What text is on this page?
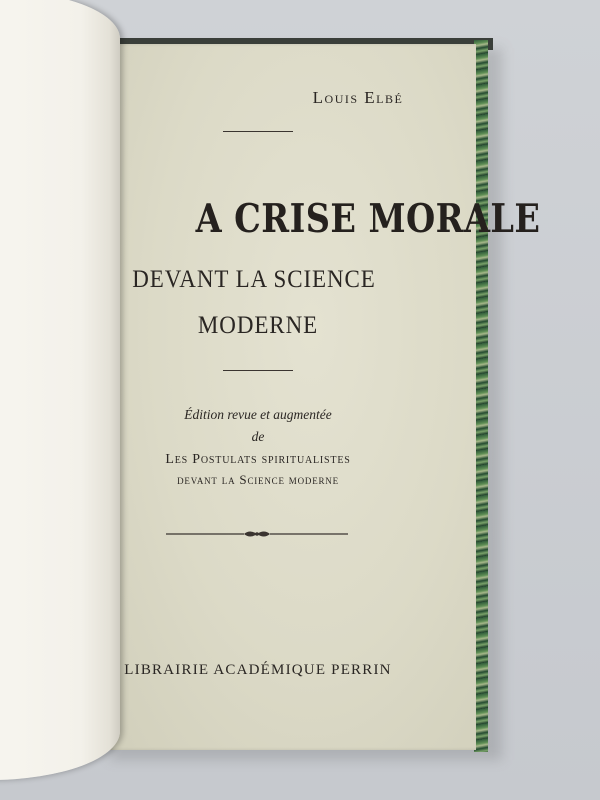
Louis Elbé
A CRISE MORALE
DEVANT LA SCIENCE
MODERNE
Édition revue et augmentée
de
Les Postulats spiritualistes
devant la Science moderne
LIBRAIRIE ACADÉMIQUE PERRIN
